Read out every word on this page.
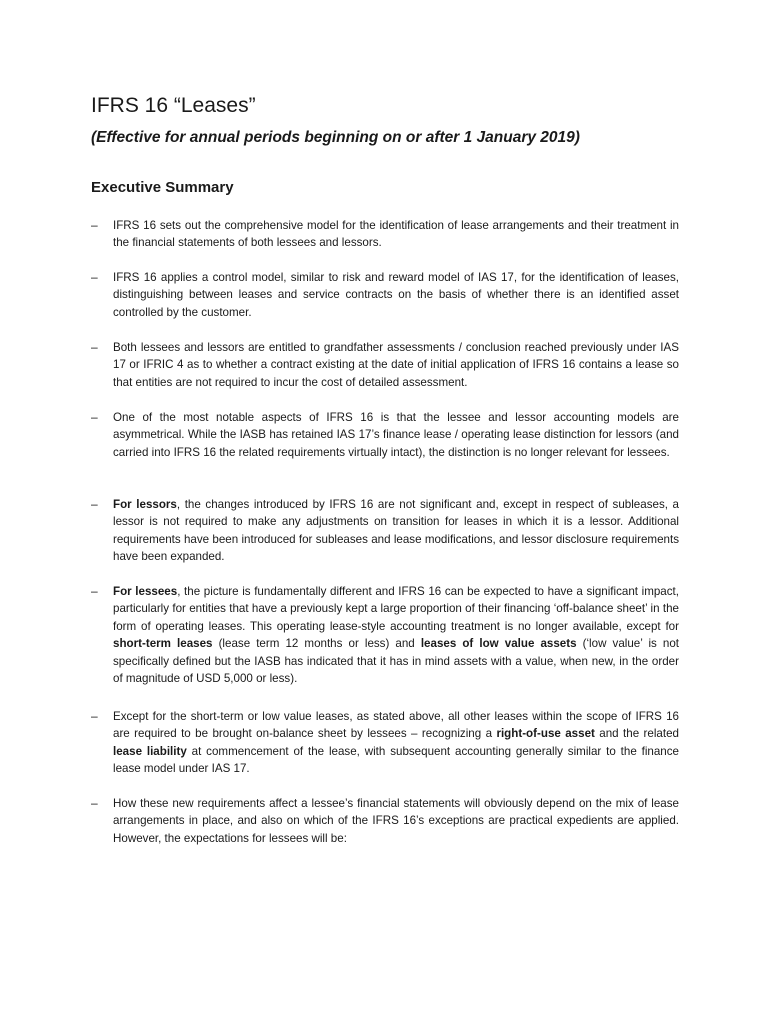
IFRS 16 “Leases”
(Effective for annual periods beginning on or after 1 January 2019)
Executive Summary
– IFRS 16 sets out the comprehensive model for the identification of lease arrangements and their treatment in the financial statements of both lessees and lessors.

– IFRS 16 applies a control model, similar to risk and reward model of IAS 17, for the identification of leases, distinguishing between leases and service contracts on the basis of whether there is an identified asset controlled by the customer.

– Both lessees and lessors are entitled to grandfather assessments / conclusion reached previously under IAS 17 or IFRIC 4 as to whether a contract existing at the date of initial application of IFRS 16 contains a lease so that entities are not required to incur the cost of detailed assessment.

– One of the most notable aspects of IFRS 16 is that the lessee and lessor accounting models are asymmetrical. While the IASB has retained IAS 17’s finance lease / operating lease distinction for lessors (and carried into IFRS 16 the related requirements virtually intact), the distinction is no longer relevant for lessees.

– For lessors, the changes introduced by IFRS 16 are not significant and, except in respect of subleases, a lessor is not required to make any adjustments on transition for leases in which it is a lessor. Additional requirements have been introduced for subleases and lease modifications, and lessor disclosure requirements have been expanded.

– For lessees, the picture is fundamentally different and IFRS 16 can be expected to have a significant impact, particularly for entities that have a previously kept a large proportion of their financing ‘off-balance sheet’ in the form of operating leases. This operating lease-style accounting treatment is no longer available, except for short-term leases (lease term 12 months or less) and leases of low value assets (‘low value’ is not specifically defined but the IASB has indicated that it has in mind assets with a value, when new, in the order of magnitude of USD 5,000 or less).

– Except for the short-term or low value leases, as stated above, all other leases within the scope of IFRS 16 are required to be brought on-balance sheet by lessees – recognizing a right-of-use asset and the related lease liability at commencement of the lease, with subsequent accounting generally similar to the finance lease model under IAS 17.

– How these new requirements affect a lessee’s financial statements will obviously depend on the mix of lease arrangements in place, and also on which of the IFRS 16’s exceptions are practical expedients are applied. However, the expectations for lessees will be:
